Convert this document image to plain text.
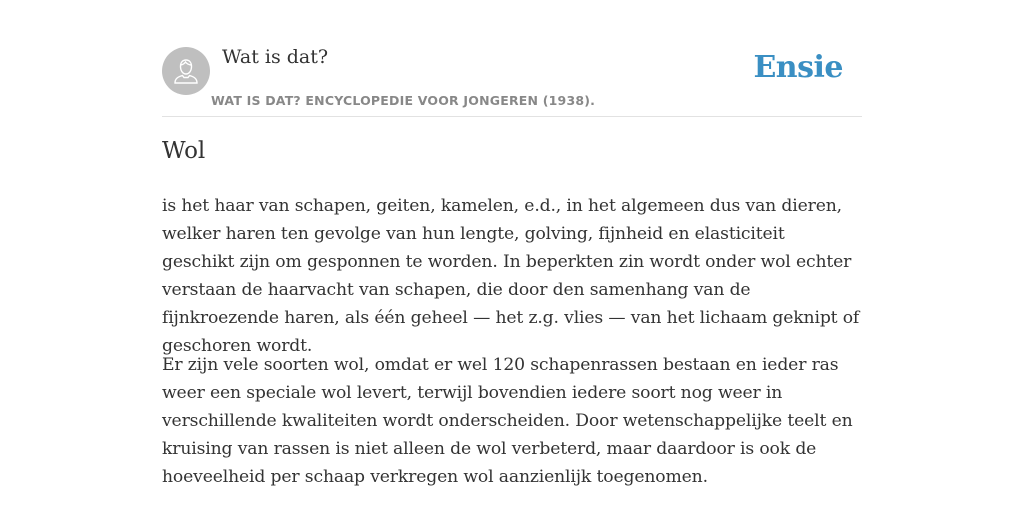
Wat is dat?
WAT IS DAT? ENCYCLOPEDIE VOOR JONGEREN (1938).
Ensie
Wol

is het haar van schapen, geiten, kamelen, e.d., in het algemeen dus van dieren, welker haren ten gevolge van hun lengte, golving, fijnheid en elasticiteit geschikt zijn om gesponnen te worden. In beperkten zin wordt onder wol echter verstaan de haarvacht van schapen, die door den samenhang van de fijnkroezende haren, als één geheel — het z.g. vlies — van het lichaam geknipt of geschoren wordt.

Er zijn vele soorten wol, omdat er wel 120 schapenrassen bestaan en ieder ras weer een speciale wol levert, terwijl bovendien iedere soort nog weer in verschillende kwaliteiten wordt onderscheiden. Door wetenschappelijke teelt en kruising van rassen is niet alleen de wol verbeterd, maar daardoor is ook de hoeveelheid per schaap verkregen wol aanzienlijk toegenomen.
